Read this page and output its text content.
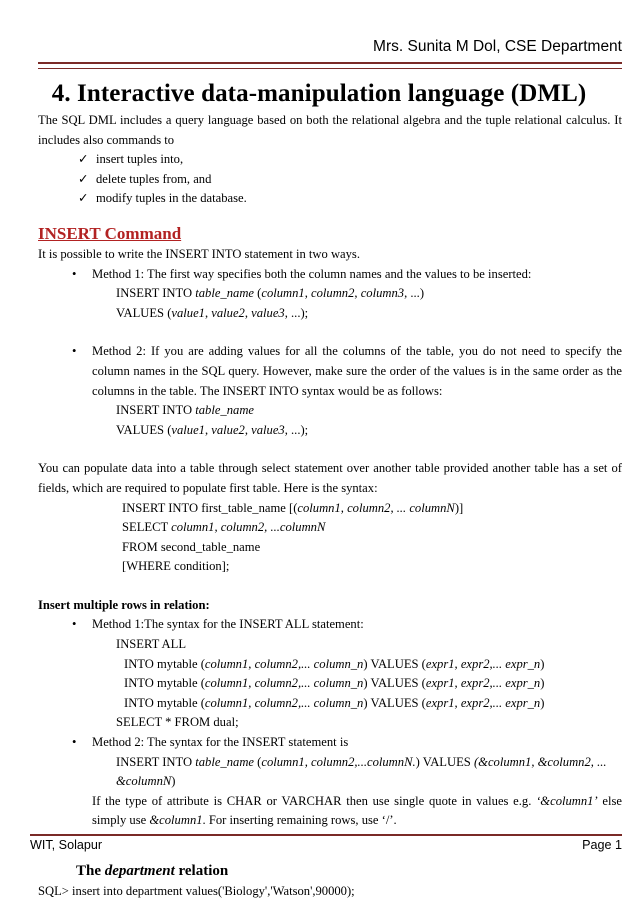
Mrs. Sunita M Dol, CSE Department
4. Interactive data-manipulation language (DML)

The SQL DML includes a query language based on both the relational algebra and the tuple relational calculus. It includes also commands to

✓ insert tuples into,
✓ delete tuples from, and
✓ modify tuples in the database.
INSERT Command

It is possible to write the INSERT INTO statement in two ways.

• Method 1: The first way specifies both the column names and the values to be inserted:
INSERT INTO table_name (column1, column2, column3, ...)
VALUES (value1, value2, value3, ...);
• Method 2: If you are adding values for all the columns of the table, you do not need to specify the column names in the SQL query. However, make sure the order of the values is in the same order as the columns in the table. The INSERT INTO syntax would be as follows:
INSERT INTO table_name
VALUES (value1, value2, value3, ...);

You can populate data into a table through select statement over another table provided another table has a set of fields, which are required to populate first table. Here is the syntax:

INSERT INTO first_table_name [(column1, column2, ... columnN)]
SELECT column1, column2, ...columnN
FROM second_table_name
[WHERE condition];

Insert multiple rows in relation:

• Method 1:The syntax for the INSERT ALL statement:
INSERT ALL
INTO mytable (column1, column2,... column_n) VALUES (expr1, expr2,... expr_n)
INTO mytable (column1, column2,... column_n) VALUES (expr1, expr2,... expr_n)
INTO mytable (column1, column2,... column_n) VALUES (expr1, expr2,... expr_n)
SELECT * FROM dual;
• Method 2: The syntax for the INSERT statement is
INSERT INTO table_name (column1, column2,...columnN.) VALUES (&column1, &column2, ... &columnN)
If the type of attribute is CHAR or VARCHAR then use single quote in values e.g. ‘&column1’ else simply use &column1. For inserting remaining rows, use ‘/’.
The department relation

SQL> insert into department values('Biology','Watson',90000);

WIT, Solapur	Page 1
